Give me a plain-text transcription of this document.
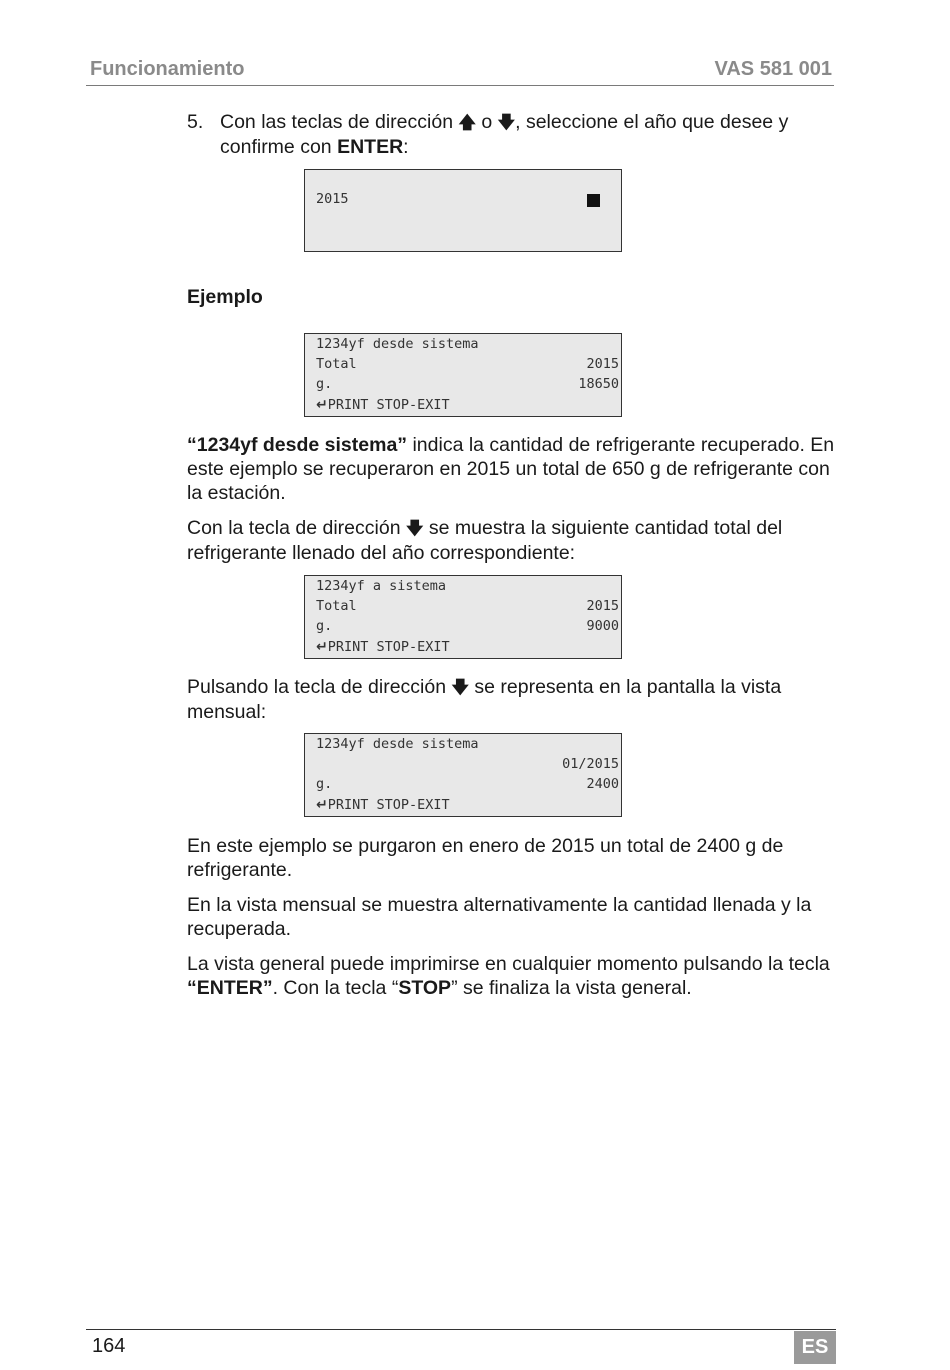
Funcionamiento	VAS 581 001

5. Con las teclas de dirección 🡅 o 🡇, seleccione el año que desee y confirme con ENTER:

2015

Ejemplo

1234yf desde sistema
Total	2015
g.	18650
↵PRINT STOP-EXIT

“1234yf desde sistema” indica la cantidad de refrigerante recuperado. En este ejemplo se recuperaron en 2015 un total de 650 g de refrigerante con la estación.

Con la tecla de dirección 🡇 se muestra la siguiente cantidad total del refrigerante llenado del año correspondiente:

1234yf a sistema
Total	2015
g.	9000
↵PRINT STOP-EXIT

Pulsando la tecla de dirección 🡇 se representa en la pantalla la vista mensual:

1234yf desde sistema
01/2015
g.	2400
↵PRINT STOP-EXIT

En este ejemplo se purgaron en enero de 2015 un total de 2400 g de refrigerante.

En la vista mensual se muestra alternativamente la cantidad llenada y la recuperada.

La vista general puede imprimirse en cualquier momento pulsando la tecla “ENTER”. Con la tecla “STOP” se finaliza la vista general.

164	ES
